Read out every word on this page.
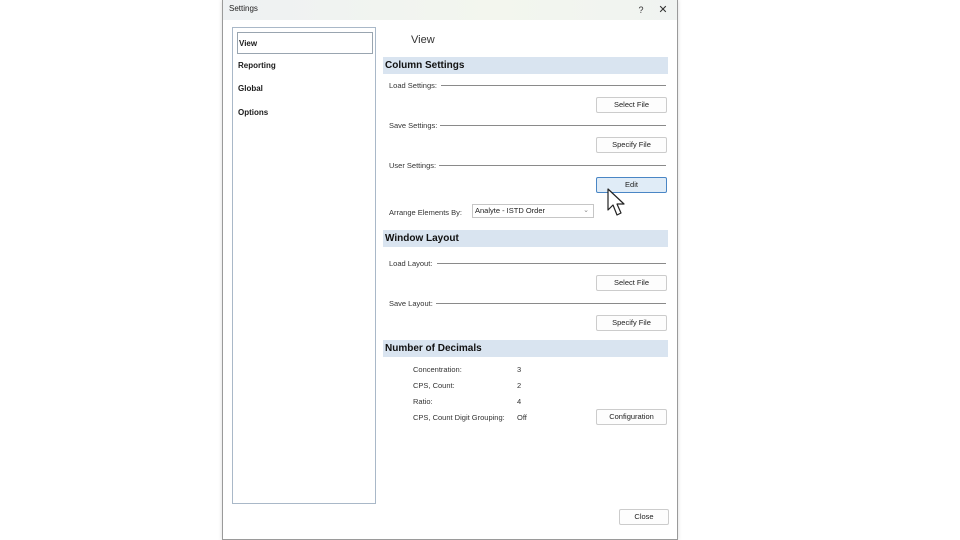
Settings	?	✕
View
Reporting
Global
Options
View
Column Settings
Load Settings:
Select File
Save Settings:
Specify File
User Settings:
Edit
Arrange Elements By:	Analyte - ISTD Order	⌄
Window Layout
Load Layout:
Select File
Save Layout:
Specify File
Number of Decimals
Concentration:	3
CPS, Count:	2
Ratio:	4
CPS, Count Digit Grouping: Off	Configuration
Close
